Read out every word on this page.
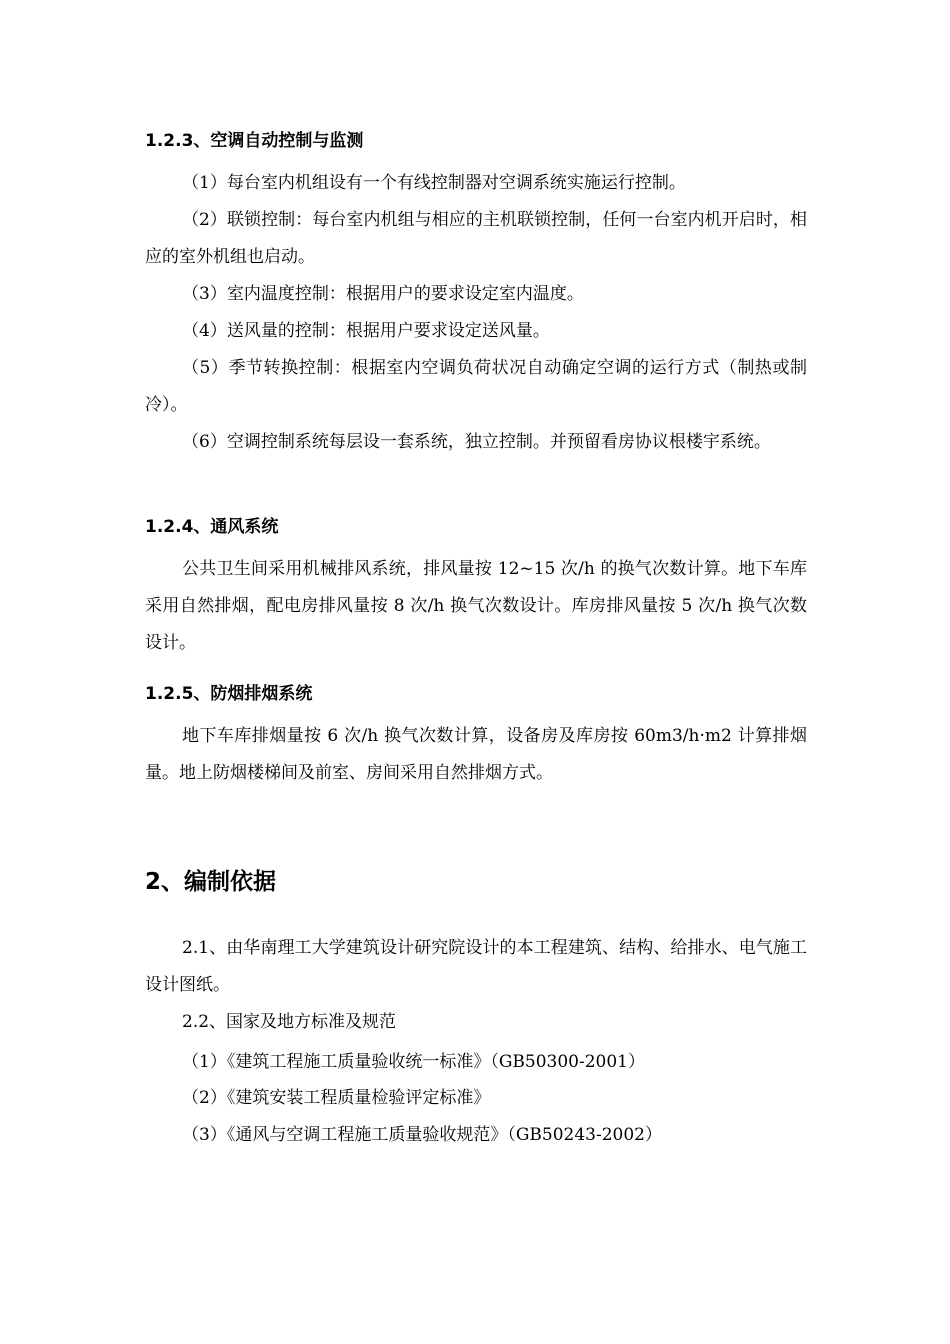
1.2.3、空调自动控制与监测
（1）每台室内机组设有一个有线控制器对空调系统实施运行控制。
（2）联锁控制：每台室内机组与相应的主机联锁控制，任何一台室内机开启时，相应的室外机组也启动。
（3）室内温度控制：根据用户的要求设定室内温度。
（4）送风量的控制：根据用户要求设定送风量。
（5）季节转换控制：根据室内空调负荷状况自动确定空调的运行方式（制热或制冷）。
（6）空调控制系统每层设一套系统，独立控制。并预留看房协议根楼宇系统。
1.2.4、通风系统
公共卫生间采用机械排风系统，排风量按 12~15 次/h 的换气次数计算。地下车库采用自然排烟，配电房排风量按 8 次/h 换气次数设计。库房排风量按 5 次/h 换气次数设计。
1.2.5、防烟排烟系统
地下车库排烟量按 6 次/h 换气次数计算，设备房及库房按 60m3/h·m2 计算排烟量。地上防烟楼梯间及前室、房间采用自然排烟方式。
2、编制依据
2.1、由华南理工大学建筑设计研究院设计的本工程建筑、结构、给排水、电气施工设计图纸。
2.2、国家及地方标准及规范
（1）《建筑工程施工质量验收统一标准》（GB50300-2001）
（2）《建筑安装工程质量检验评定标准》
（3）《通风与空调工程施工质量验收规范》（GB50243-2002）
